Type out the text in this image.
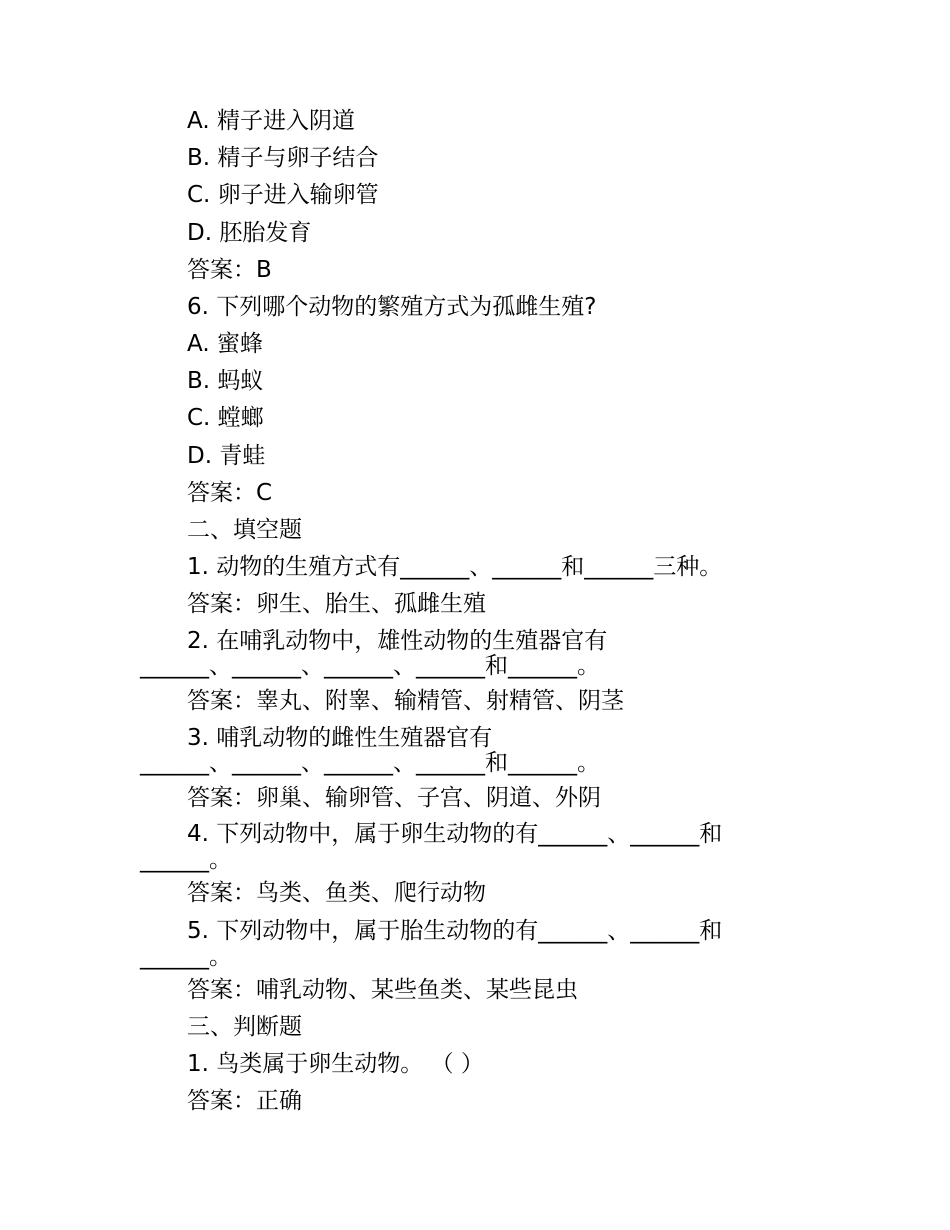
A. 精子进入阴道
B. 精子与卵子结合
C. 卵子进入输卵管
D. 胚胎发育
答案：B
6. 下列哪个动物的繁殖方式为孤雌生殖?
A. 蜜蜂
B. 蚂蚁
C. 螳螂
D. 青蛙
答案：C
二、填空题
1. 动物的生殖方式有______、______和______三种。
答案：卵生、胎生、孤雌生殖
2. 在哺乳动物中，雄性动物的生殖器官有
______、______、______、______和______。
答案：睾丸、附睾、输精管、射精管、阴茎
3. 哺乳动物的雌性生殖器官有
______、______、______、______和______。
答案：卵巢、输卵管、子宫、阴道、外阴
4. 下列动物中，属于卵生动物的有______、______和
______。
答案：鸟类、鱼类、爬行动物
5. 下列动物中，属于胎生动物的有______、______和
______。
答案：哺乳动物、某些鱼类、某些昆虫
三、判断题
1. 鸟类属于卵生动物。 （ ）
答案：正确
